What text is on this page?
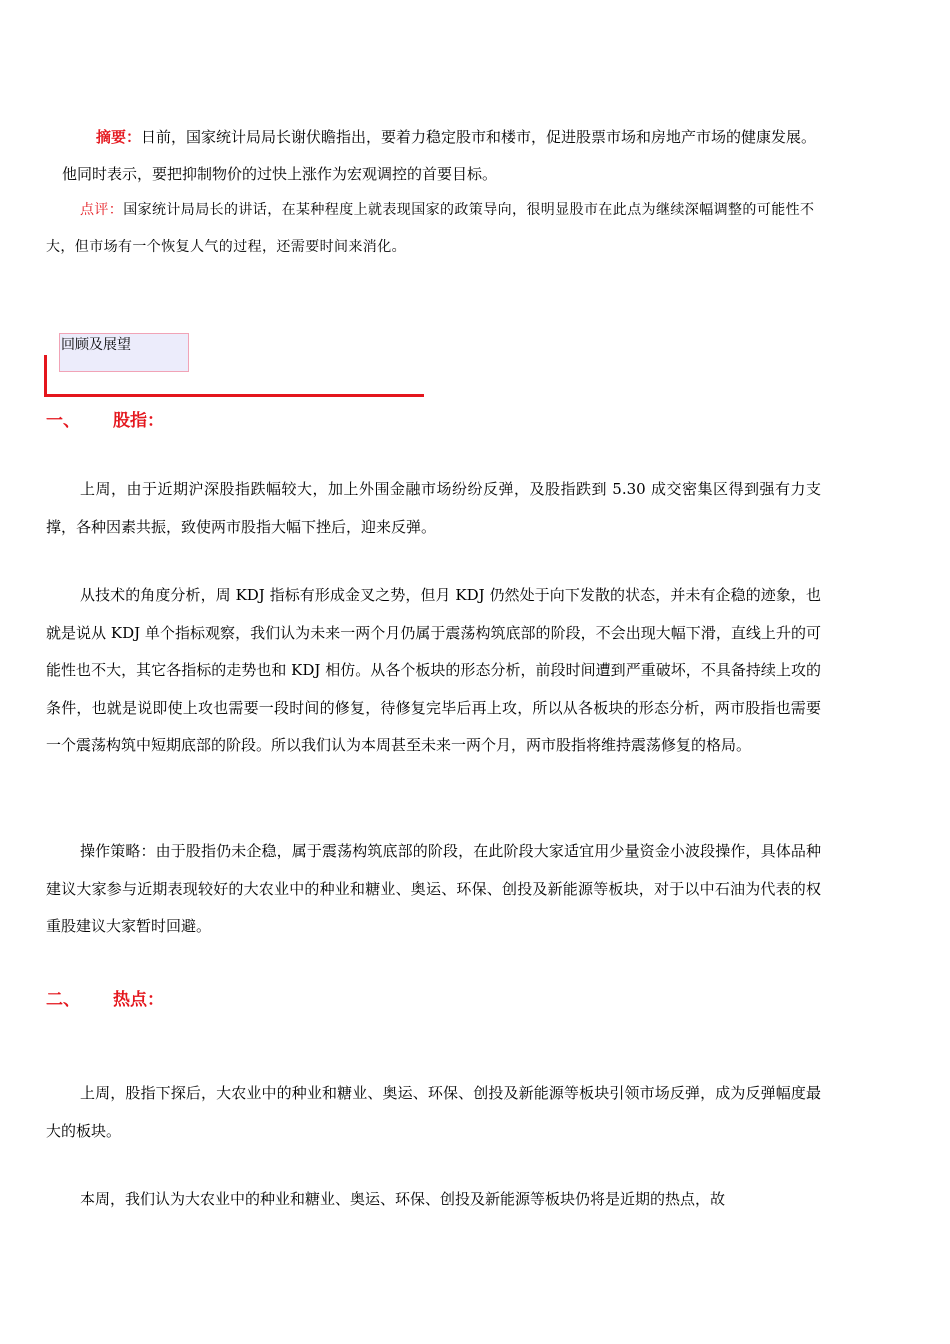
摘要：日前，国家统计局局长谢伏瞻指出，要着力稳定股市和楼市，促进股票市场和房地产市场的健康发展。他同时表示，要把抑制物价的过快上涨作为宏观调控的首要目标。
点评：国家统计局局长的讲话，在某种程度上就表现国家的政策导向，很明显股市在此点为继续深幅调整的可能性不大，但市场有一个恢复人气的过程，还需要时间来消化。
回顾及展望
一、 股指：
上周，由于近期沪深股指跌幅较大，加上外围金融市场纷纷反弹，及股指跌到 5.30 成交密集区得到强有力支撑，各种因素共振，致使两市股指大幅下挫后，迎来反弹。
从技术的角度分析，周 KDJ 指标有形成金叉之势，但月 KDJ 仍然处于向下发散的状态，并未有企稳的迹象，也就是说从 KDJ 单个指标观察，我们认为未来一两个月仍属于震荡构筑底部的阶段，不会出现大幅下滑，直线上升的可能性也不大，其它各指标的走势也和 KDJ 相仿。从各个板块的形态分析，前段时间遭到严重破坏，不具备持续上攻的条件，也就是说即使上攻也需要一段时间的修复，待修复完毕后再上攻，所以从各板块的形态分析，两市股指也需要一个震荡构筑中短期底部的阶段。所以我们认为本周甚至未来一两个月，两市股指将维持震荡修复的格局。
操作策略：由于股指仍未企稳，属于震荡构筑底部的阶段，在此阶段大家适宜用少量资金小波段操作，具体品种建议大家参与近期表现较好的大农业中的种业和糖业、奥运、环保、创投及新能源等板块，对于以中石油为代表的权重股建议大家暂时回避。
二、 热点：
上周，股指下探后，大农业中的种业和糖业、奥运、环保、创投及新能源等板块引领市场反弹，成为反弹幅度最大的板块。
本周，我们认为大农业中的种业和糖业、奥运、环保、创投及新能源等板块仍将是近期的热点，故
